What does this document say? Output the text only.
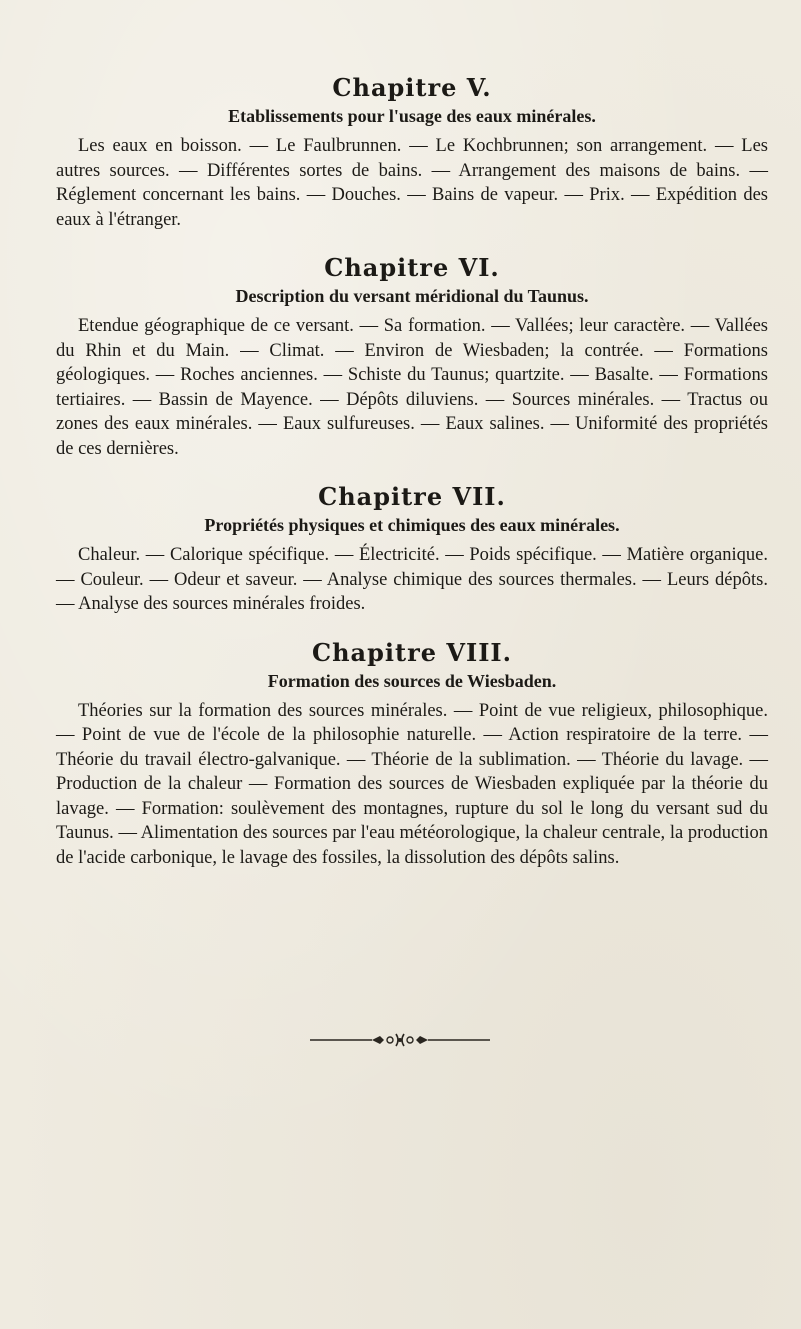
Chapitre V.
Etablissements pour l'usage des eaux minérales.

Les eaux en boisson. — Le Faulbrunnen. — Le Kochbrunnen; son arrangement. — Les autres sources. — Différentes sortes de bains. — Arrangement des maisons de bains. — Réglement concernant les bains. — Douches. — Bains de vapeur. — Prix. — Expédition des eaux à l'étranger.

Chapitre VI.
Description du versant méridional du Taunus.

Etendue géographique de ce versant. — Sa formation. — Vallées; leur caractère. — Vallées du Rhin et du Main. — Climat. — Environ de Wiesbaden; la contrée. — Formations géologiques. — Roches anciennes. — Schiste du Taunus; quartzite. — Basalte. — Formations tertiaires. — Bassin de Mayence. — Dépôts diluviens. — Sources minérales. — Tractus ou zones des eaux minérales. — Eaux sulfureuses. — Eaux salines. — Uniformité des propriétés de ces dernières.

Chapitre VII.
Propriétés physiques et chimiques des eaux minérales.

Chaleur. — Calorique spécifique. — Électricité. — Poids spécifique. — Matière organique. — Couleur. — Odeur et saveur. — Analyse chimique des sources thermales. — Leurs dépôts. — Analyse des sources minérales froides.

Chapitre VIII.
Formation des sources de Wiesbaden.

Théories sur la formation des sources minérales. — Point de vue religieux, philosophique. — Point de vue de l'école de la philosophie naturelle. — Action respiratoire de la terre. — Théorie du travail électro-galvanique. — Théorie de la sublimation. — Théorie du lavage. — Production de la chaleur — Formation des sources de Wiesbaden expliquée par la théorie du lavage. — Formation: soulèvement des montagnes, rupture du sol le long du versant sud du Taunus. — Alimentation des sources par l'eau météorologique, la chaleur centrale, la production de l'acide carbonique, le lavage des fossiles, la dissolution des dépôts salins.
